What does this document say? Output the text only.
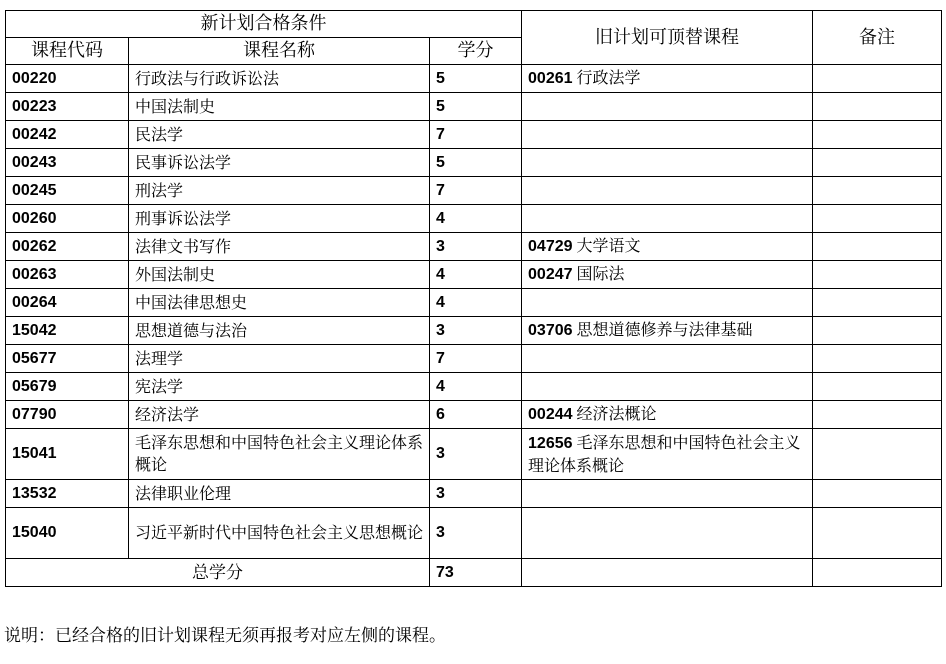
新计划合格条件			旧计划可顶替课程	备注
课程代码	课程名称	学分		
00220	行政法与行政诉讼法	5	00261 行政法学	
00223	中国法制史	5		
00242	民法学	7		
00243	民事诉讼法学	5		
00245	刑法学	7		
00260	刑事诉讼法学	4		
00262	法律文书写作	3	04729 大学语文	
00263	外国法制史	4	00247 国际法	
00264	中国法律思想史	4		
15042	思想道德与法治	3	03706 思想道德修养与法律基础	
05677	法理学	7		
05679	宪法学	4		
07790	经济法学	6	00244 经济法概论	
15041	毛泽东思想和中国特色社会主义理论体系概论	3	12656 毛泽东思想和中国特色社会主义理论体系概论	
13532	法律职业伦理	3		
15040	习近平新时代中国特色社会主义思想概论	3		
总学分		73		
说明：已经合格的旧计划课程无须再报考对应左侧的课程。
